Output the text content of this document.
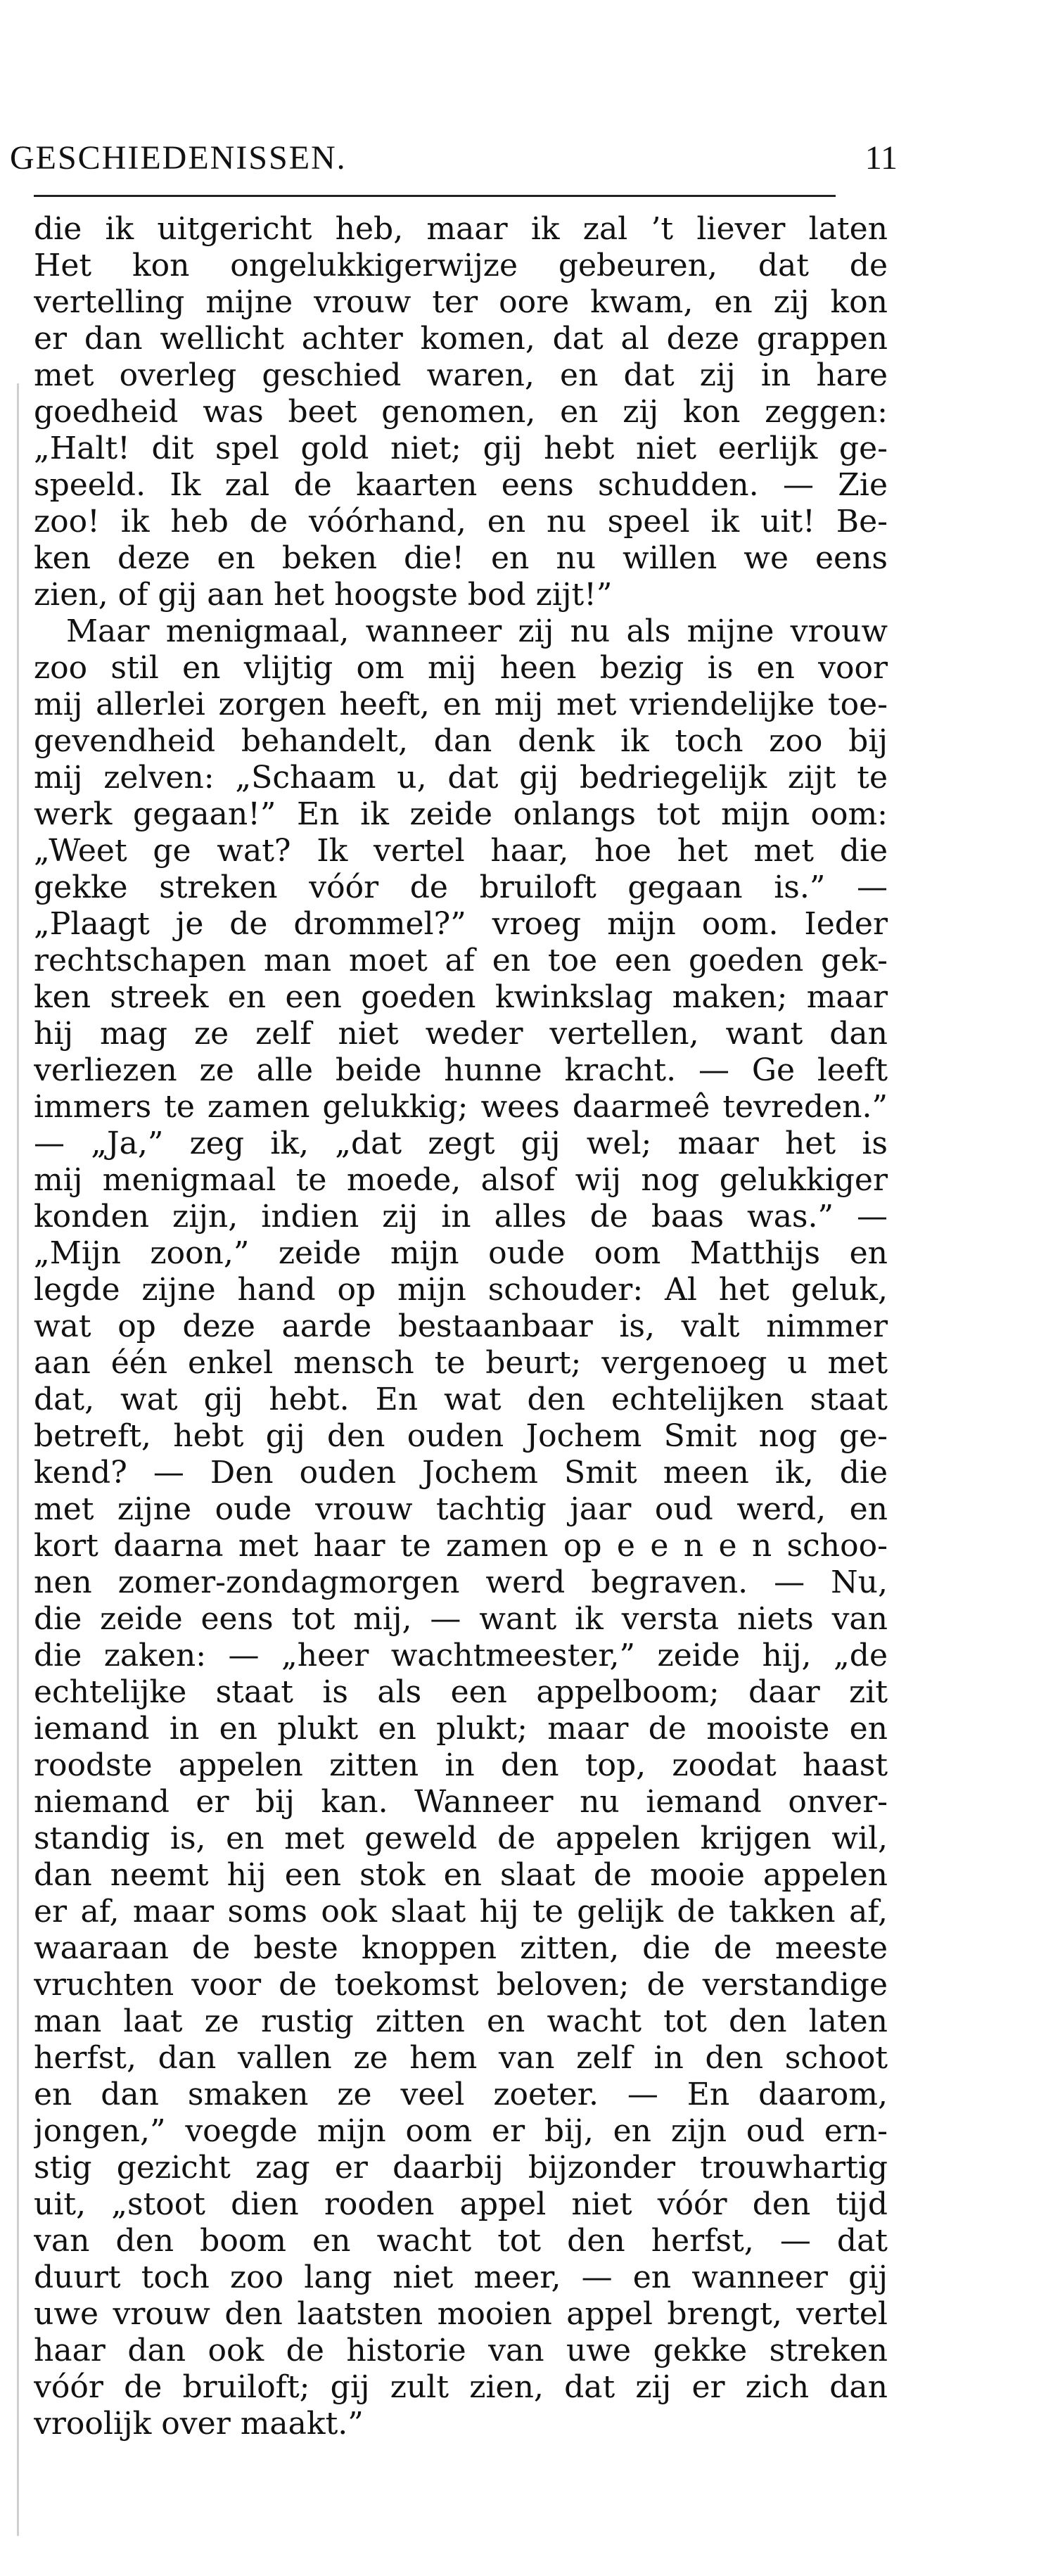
GESCHIEDENISSEN.	11
die ik uitgericht heb, maar ik zal ’t liever laten
Het kon ongelukkigerwijze gebeuren, dat de
vertelling mijne vrouw ter oore kwam, en zij kon
er dan wellicht achter komen, dat al deze grappen
met overleg geschied waren, en dat zij in hare
goedheid was beet genomen, en zij kon zeggen:
„Halt! dit spel gold niet; gij hebt niet eerlijk ge-
speeld. Ik zal de kaarten eens schudden. — Zie
zoo! ik heb de vóórhand, en nu speel ik uit! Be-
ken deze en beken die! en nu willen we eens
zien, of gij aan het hoogste bod zijt!”
Maar menigmaal, wanneer zij nu als mijne vrouw
zoo stil en vlijtig om mij heen bezig is en voor
mij allerlei zorgen heeft, en mij met vriendelijke toe-
gevendheid behandelt, dan denk ik toch zoo bij
mij zelven: „Schaam u, dat gij bedriegelijk zijt te
werk gegaan!” En ik zeide onlangs tot mijn oom:
„Weet ge wat? Ik vertel haar, hoe het met die
gekke streken vóór de bruiloft gegaan is.” —
„Plaagt je de drommel?” vroeg mijn oom. Ieder
rechtschapen man moet af en toe een goeden gek-
ken streek en een goeden kwinkslag maken; maar
hij mag ze zelf niet weder vertellen, want dan
verliezen ze alle beide hunne kracht. — Ge leeft
immers te zamen gelukkig; wees daarmeê tevreden.”
— „Ja,” zeg ik, „dat zegt gij wel; maar het is
mij menigmaal te moede, alsof wij nog gelukkiger
konden zijn, indien zij in alles de baas was.” —
„Mijn zoon,” zeide mijn oude oom Matthijs en
legde zijne hand op mijn schouder: Al het geluk,
wat op deze aarde bestaanbaar is, valt nimmer
aan één enkel mensch te beurt; vergenoeg u met
dat, wat gij hebt. En wat den echtelijken staat
betreft, hebt gij den ouden Jochem Smit nog ge-
kend? — Den ouden Jochem Smit meen ik, die
met zijne oude vrouw tachtig jaar oud werd, en
kort daarna met haar te zamen op e e n e n schoo-
nen zomer-zondagmorgen werd begraven. — Nu,
die zeide eens tot mij, — want ik versta niets van
die zaken: — „heer wachtmeester,” zeide hij, „de
echtelijke staat is als een appelboom; daar zit
iemand in en plukt en plukt; maar de mooiste en
roodste appelen zitten in den top, zoodat haast
niemand er bij kan. Wanneer nu iemand onver-
standig is, en met geweld de appelen krijgen wil,
dan neemt hij een stok en slaat de mooie appelen
er af, maar soms ook slaat hij te gelijk de takken af,
waaraan de beste knoppen zitten, die de meeste
vruchten voor de toekomst beloven; de verstandige
man laat ze rustig zitten en wacht tot den laten
herfst, dan vallen ze hem van zelf in den schoot
en dan smaken ze veel zoeter. — En daarom,
jongen,” voegde mijn oom er bij, en zijn oud ern-
stig gezicht zag er daarbij bijzonder trouwhartig
uit, „stoot dien rooden appel niet vóór den tijd
van den boom en wacht tot den herfst, — dat
duurt toch zoo lang niet meer, — en wanneer gij
uwe vrouw den laatsten mooien appel brengt, vertel
haar dan ook de historie van uwe gekke streken
vóór de bruiloft; gij zult zien, dat zij er zich dan
vroolijk over maakt.”
